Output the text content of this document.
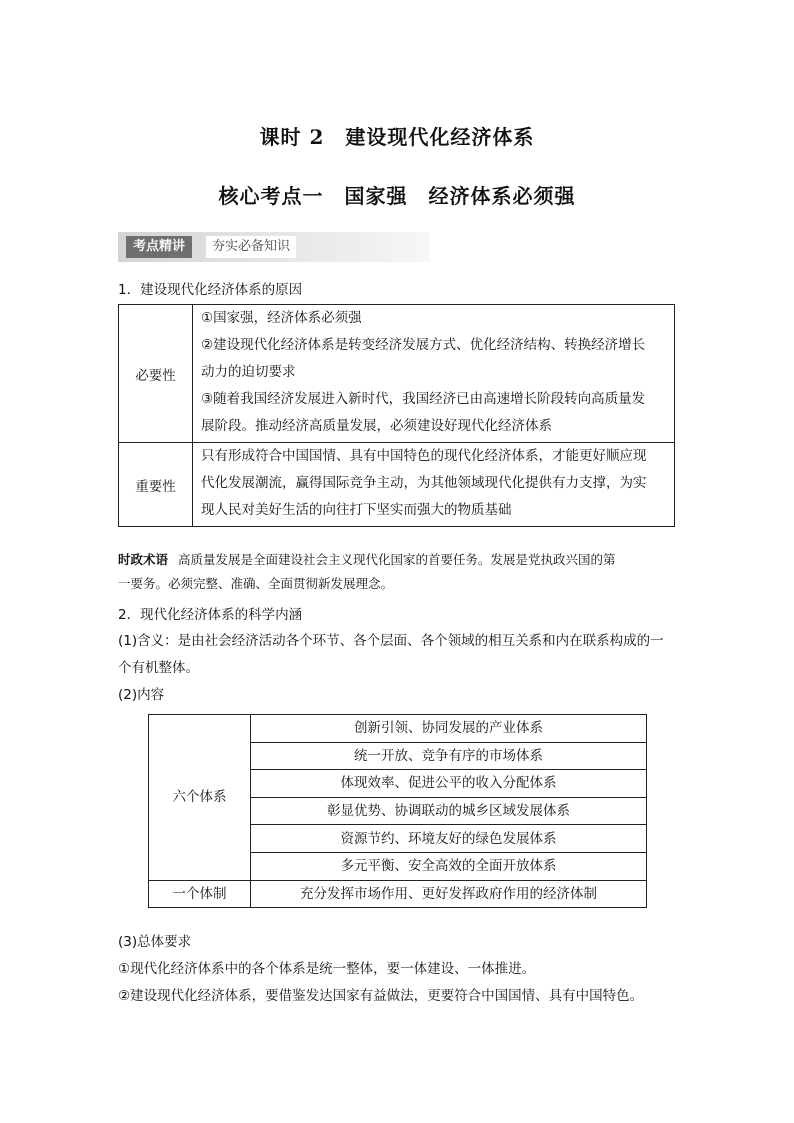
课时 2　建设现代化经济体系
核心考点一　国家强　经济体系必须强
考点精讲	夯实必备知识
1．建设现代化经济体系的原因
必要性	①国家强，经济体系必须强
②建设现代化经济体系是转变经济发展方式、优化经济结构、转换经济增长
动力的迫切要求
③随着我国经济发展进入新时代，我国经济已由高速增长阶段转向高质量发
展阶段。推动经济高质量发展，必须建设好现代化经济体系

重要性	只有形成符合中国国情、具有中国特色的现代化经济体系，才能更好顺应现
代化发展潮流，赢得国际竞争主动，为其他领域现代化提供有力支撑，为实
现人民对美好生活的向往打下坚实而强大的物质基础
时政术语 高质量发展是全面建设社会主义现代化国家的首要任务。发展是党执政兴国的第
一要务。必须完整、准确、全面贯彻新发展理念。
2．现代化经济体系的科学内涵
(1)含义：是由社会经济活动各个环节、各个层面、各个领域的相互关系和内在联系构成的一
个有机整体。
(2)内容
六个体系	创新引领、协同发展的产业体系
	统一开放、竞争有序的市场体系
	体现效率、促进公平的收入分配体系
	彰显优势、协调联动的城乡区域发展体系
	资源节约、环境友好的绿色发展体系
	多元平衡、安全高效的全面开放体系
一个体制	充分发挥市场作用、更好发挥政府作用的经济体制
(3)总体要求
①现代化经济体系中的各个体系是统一整体，要一体建设、一体推进。
②建设现代化经济体系，要借鉴发达国家有益做法，更要符合中国国情、具有中国特色。
